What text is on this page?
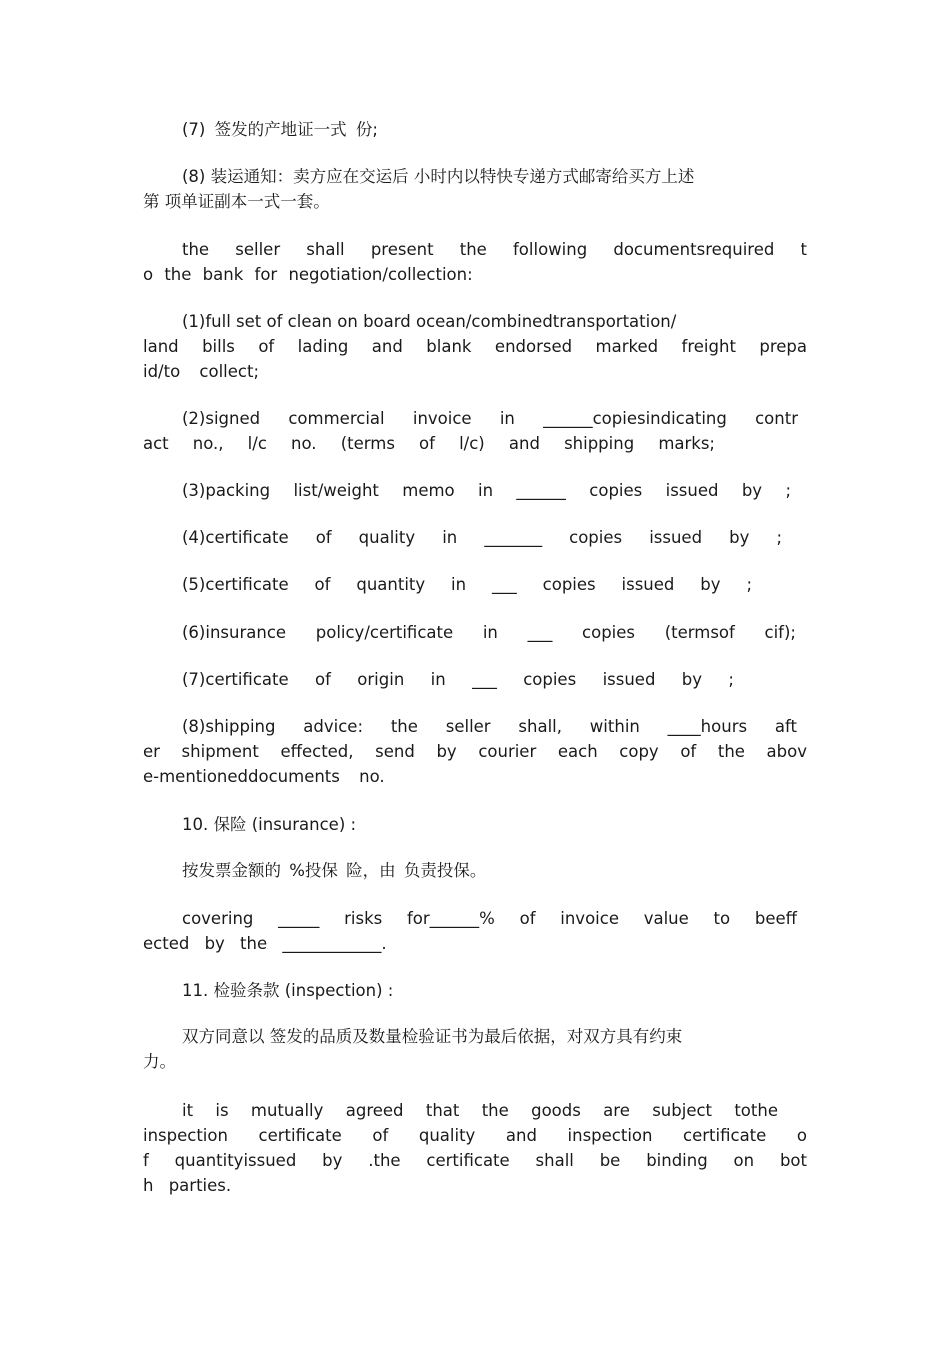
(7) 签发的产地证一式 份;

(8) 装运通知：卖方应在交运后 小时内以特快专递方式邮寄给买方上述
第 项单证副本一式一套。

the seller shall present the following documentsrequired t
o the bank for negotiation/collection:

(1)full set of clean on board ocean/combinedtransportation/
land bills of lading and blank endorsed marked freight prepa
id/to collect;

(2)signed commercial invoice in ______copiesindicating contr
act no., l/c no. (terms of l/c) and shipping marks;

(3)packing list/weight memo in ______ copies issued by ;

(4)certificate of quality in _______ copies issued by ;

(5)certificate of quantity in ___ copies issued by ;

(6)insurance policy/certificate in ___ copies (termsof cif);

(7)certificate of origin in ___ copies issued by ;

(8)shipping advice: the seller shall, within ____hours aft
er shipment effected, send by courier each copy of the abov
e-mentioneddocuments no.

10. 保险 (insurance) :

按发票金额的 %投保 险，由 负责投保。

covering _____ risks for______% of invoice value to beeff
ected by the ____________.

11. 检验条款 (inspection) :

双方同意以 签发的品质及数量检验证书为最后依据，对双方具有约束
力。

it is mutually agreed that the goods are subject tothe
inspection certificate of quality and inspection certificate o
f quantityissued by .the certificate shall be binding on bot
h parties.
